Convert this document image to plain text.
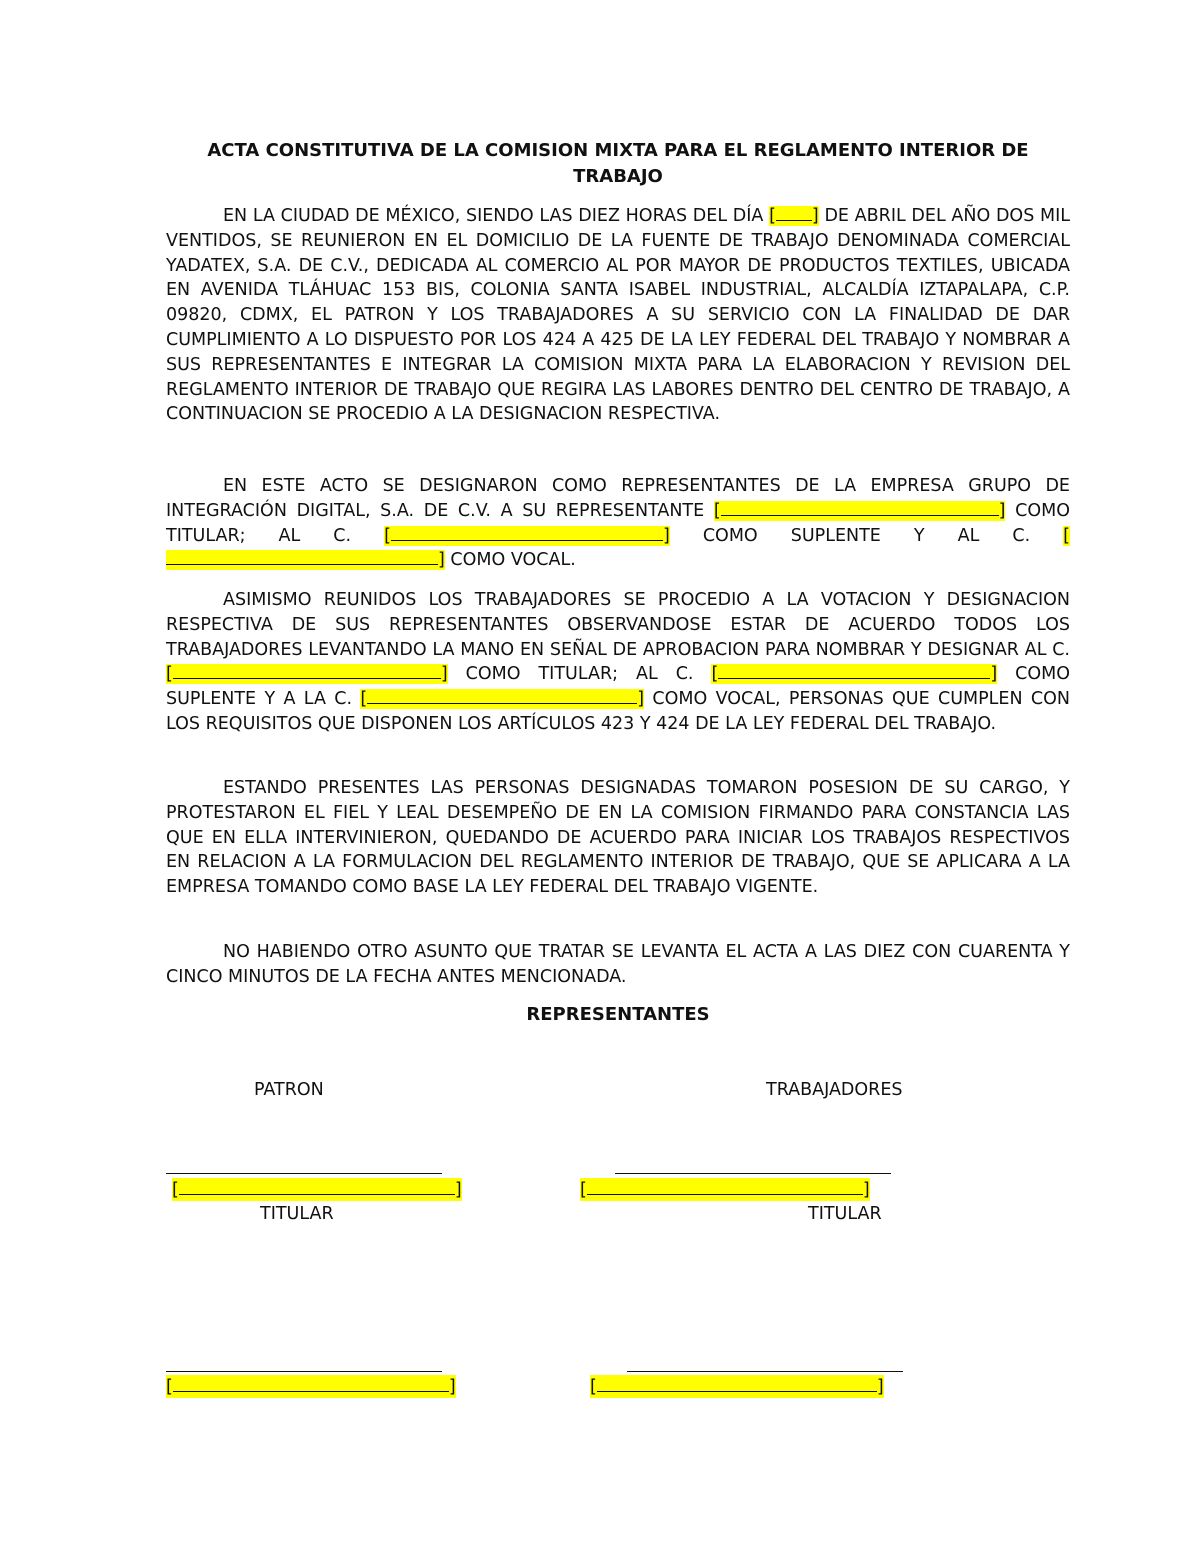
ACTA CONSTITUTIVA DE LA COMISION MIXTA PARA EL REGLAMENTO INTERIOR DE TRABAJO
EN LA CIUDAD DE MÉXICO, SIENDO LAS DIEZ HORAS DEL DÍA [ ] DE ABRIL DEL AÑO DOS MIL VENTIDOS, SE REUNIERON EN EL DOMICILIO DE LA FUENTE DE TRABAJO DENOMINADA COMERCIAL YADATEX, S.A. DE C.V., DEDICADA AL COMERCIO AL POR MAYOR DE PRODUCTOS TEXTILES, UBICADA EN AVENIDA TLÁHUAC 153 BIS, COLONIA SANTA ISABEL INDUSTRIAL, ALCALDÍA IZTAPALAPA, C.P. 09820, CDMX, EL PATRON Y LOS TRABAJADORES A SU SERVICIO CON LA FINALIDAD DE DAR CUMPLIMIENTO A LO DISPUESTO POR LOS 424 A 425 DE LA LEY FEDERAL DEL TRABAJO Y NOMBRAR A SUS REPRESENTANTES E INTEGRAR LA COMISION MIXTA PARA LA ELABORACION Y REVISION DEL REGLAMENTO INTERIOR DE TRABAJO QUE REGIRA LAS LABORES DENTRO DEL CENTRO DE TRABAJO, A CONTINUACION SE PROCEDIO A LA DESIGNACION RESPECTIVA.
EN ESTE ACTO SE DESIGNARON COMO REPRESENTANTES DE LA EMPRESA GRUPO DE INTEGRACIÓN DIGITAL, S.A. DE C.V. A SU REPRESENTANTE [	] COMO TITULAR; AL C. [	] COMO SUPLENTE Y AL C. [] COMO VOCAL.
ASIMISMO REUNIDOS LOS TRABAJADORES SE PROCEDIO A LA VOTACION Y DESIGNACION RESPECTIVA DE SUS REPRESENTANTES OBSERVANDOSE ESTAR DE ACUERDO TODOS LOS TRABAJADORES LEVANTANDO LA MANO EN SEÑAL DE APROBACION PARA NOMBRAR Y DESIGNAR AL C. [	] COMO TITULAR; AL C. [	] COMO SUPLENTE Y A LA C. [	] COMO VOCAL, PERSONAS QUE CUMPLEN CON LOS REQUISITOS QUE DISPONEN LOS ARTÍCULOS 423 Y 424 DE LA LEY FEDERAL DEL TRABAJO.
ESTANDO PRESENTES LAS PERSONAS DESIGNADAS TOMARON POSESION DE SU CARGO, Y PROTESTARON EL FIEL Y LEAL DESEMPEÑO DE EN LA COMISION FIRMANDO PARA CONSTANCIA LAS QUE EN ELLA INTERVINIERON, QUEDANDO DE ACUERDO PARA INICIAR LOS TRABAJOS RESPECTIVOS EN RELACION A LA FORMULACION DEL REGLAMENTO INTERIOR DE TRABAJO, QUE SE APLICARA A LA EMPRESA TOMANDO COMO BASE LA LEY FEDERAL DEL TRABAJO VIGENTE.
NO HABIENDO OTRO ASUNTO QUE TRATAR SE LEVANTA EL ACTA A LAS DIEZ CON CUARENTA Y CINCO MINUTOS DE LA FECHA ANTES MENCIONADA.
REPRESENTANTES
PATRON	TRABAJADORES
[	]
TITULAR
[	]
TITULAR
[	]	[	]
